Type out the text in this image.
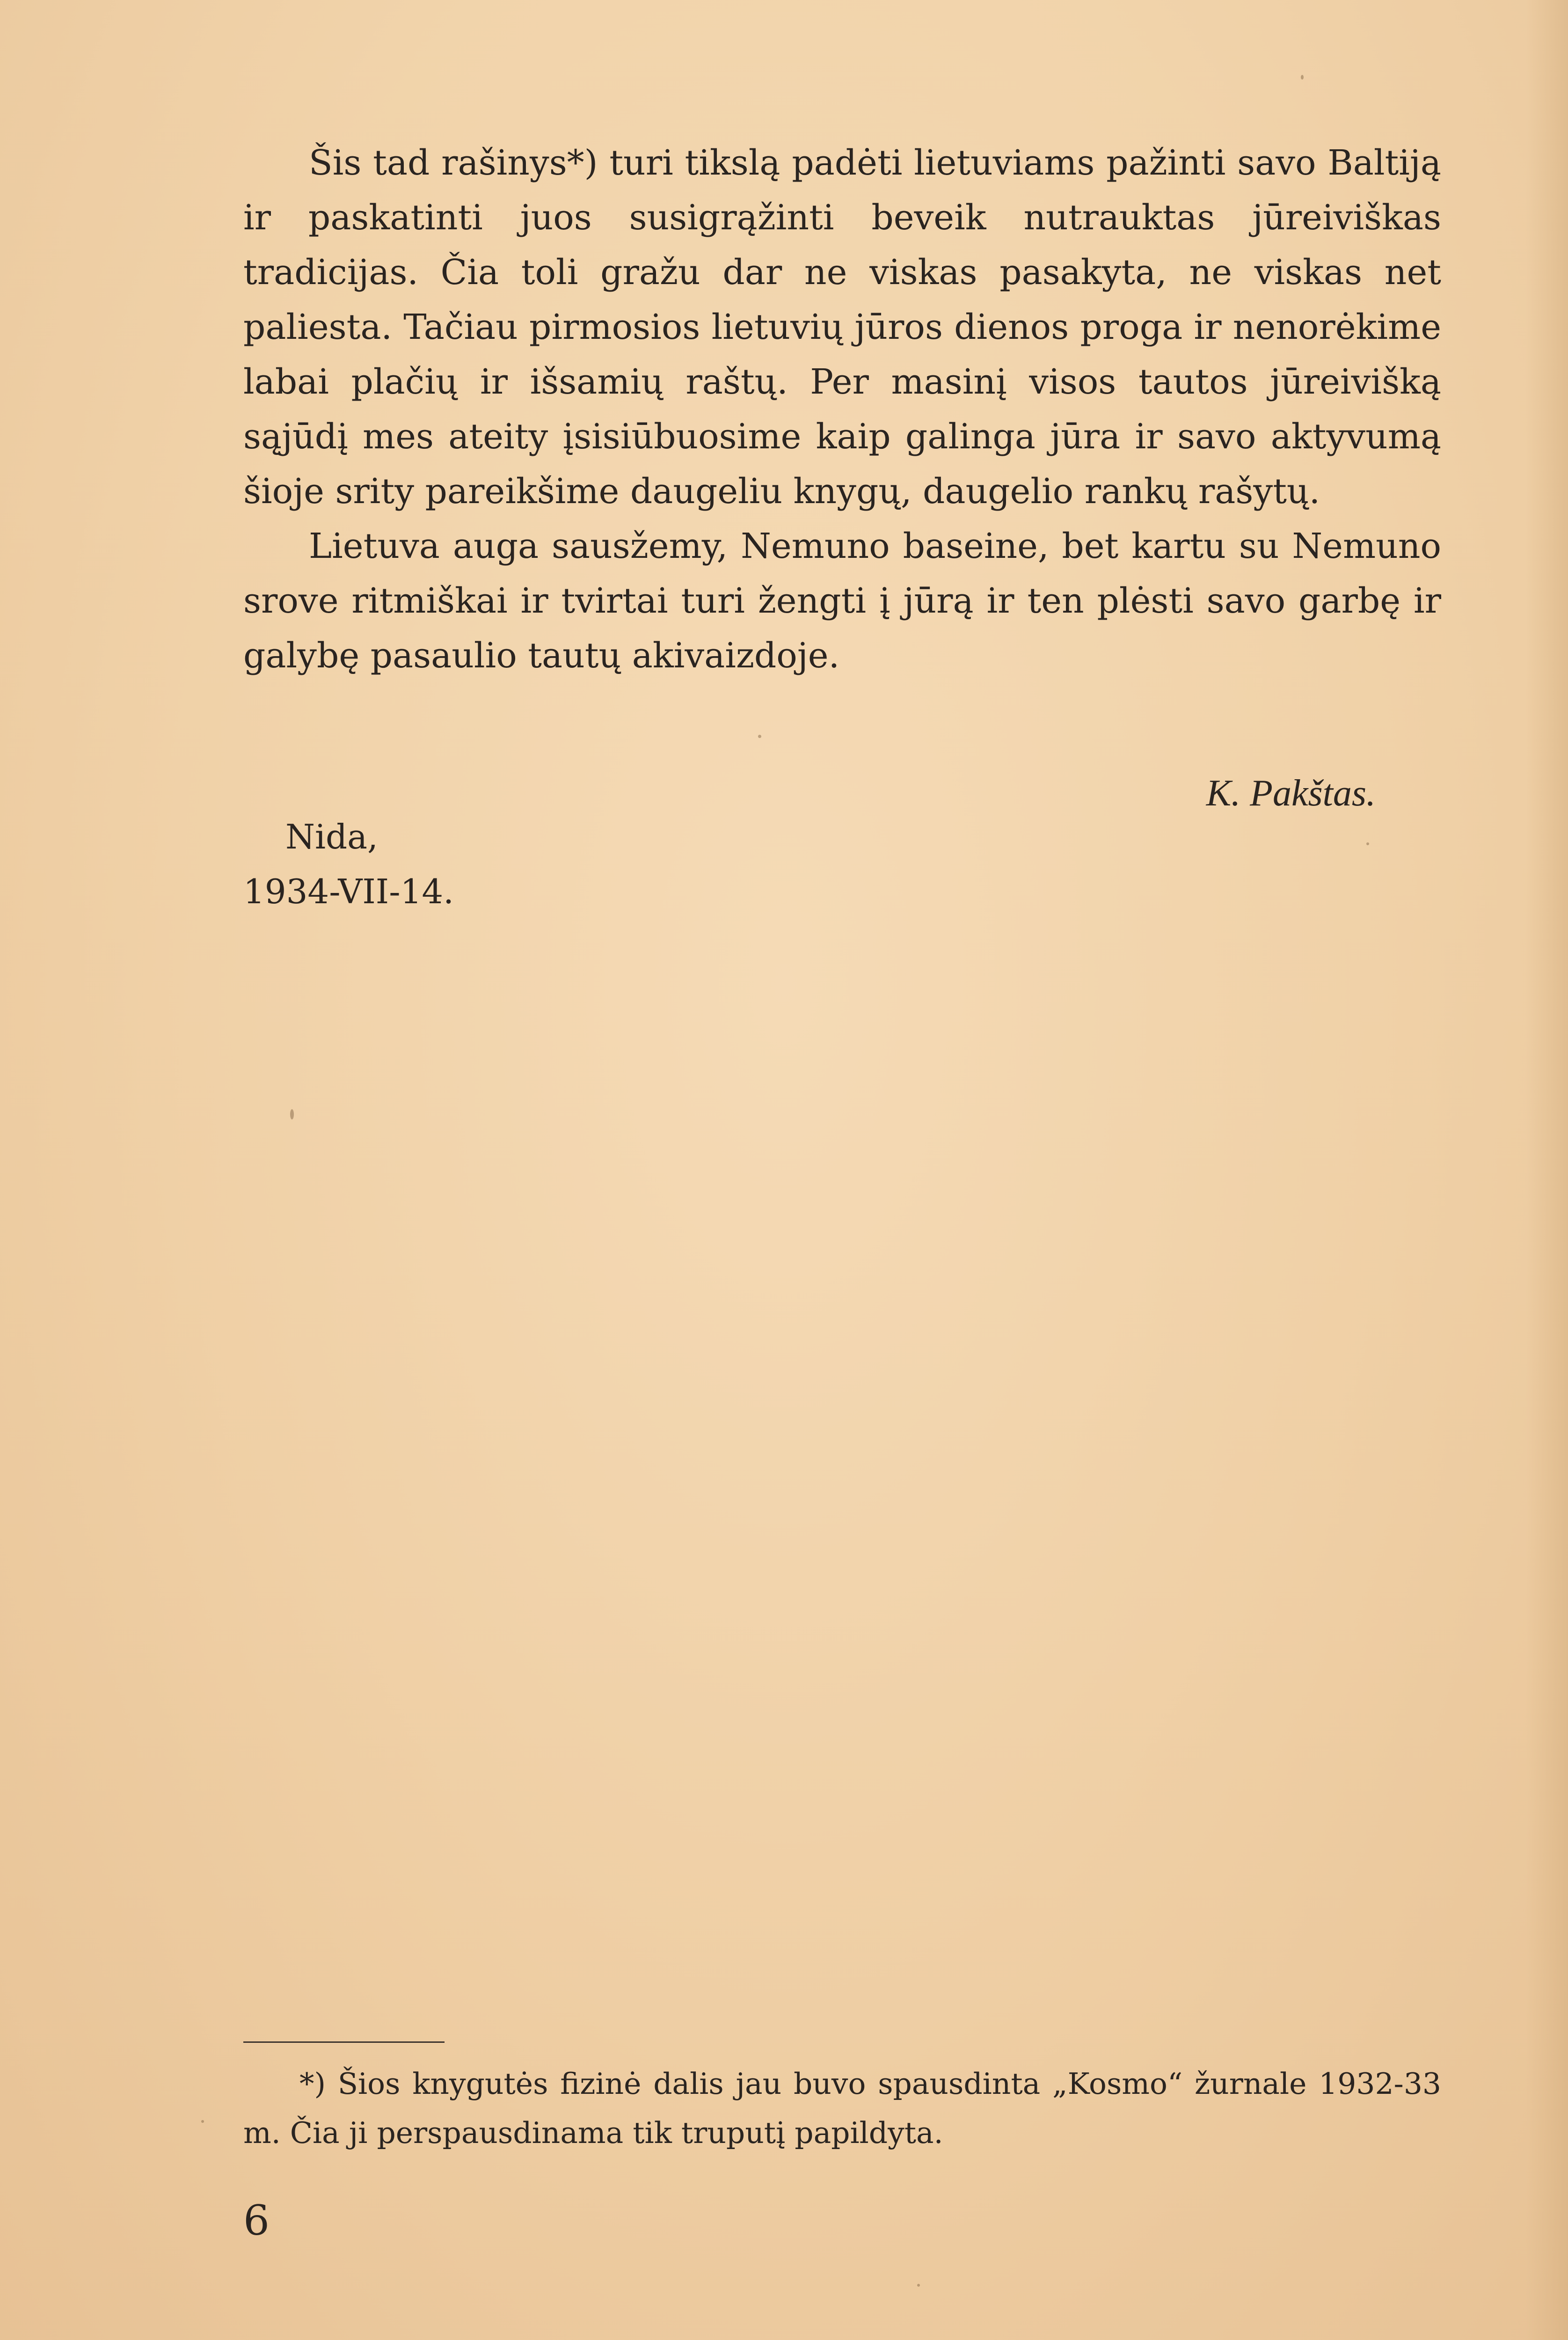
Šis tad rašinys*) turi tikslą padėti lietuviams pažinti savo Baltiją ir paskatinti juos susigrąžinti beveik nutrauktas jūreiviškas tradicijas. Čia toli gražu dar ne viskas pasakyta, ne viskas net paliesta. Tačiau pirmosios lietuvių jūros dienos proga ir nenorėkime labai plačių ir išsamių raštų. Per masinį visos tautos jūreivišką sąjūdį mes ateity įsisiūbuosime kaip galinga jūra ir savo aktyvumą šioje srity pareikšime daugeliu knygų, daugelio rankų rašytų.

Lietuva auga sausžemy, Nemuno baseine, bet kartu su Nemuno srove ritmiškai ir tvirtai turi žengti į jūrą ir ten plėsti savo garbę ir galybę pasaulio tautų akivaizdoje.

K. Pakštas.

Nida,

1934-VII-14.

*) Šios knygutės fizinė dalis jau buvo spausdinta „Kosmo“ žurnale 1932-33 m. Čia ji perspausdinama tik truputį papildyta.

6
